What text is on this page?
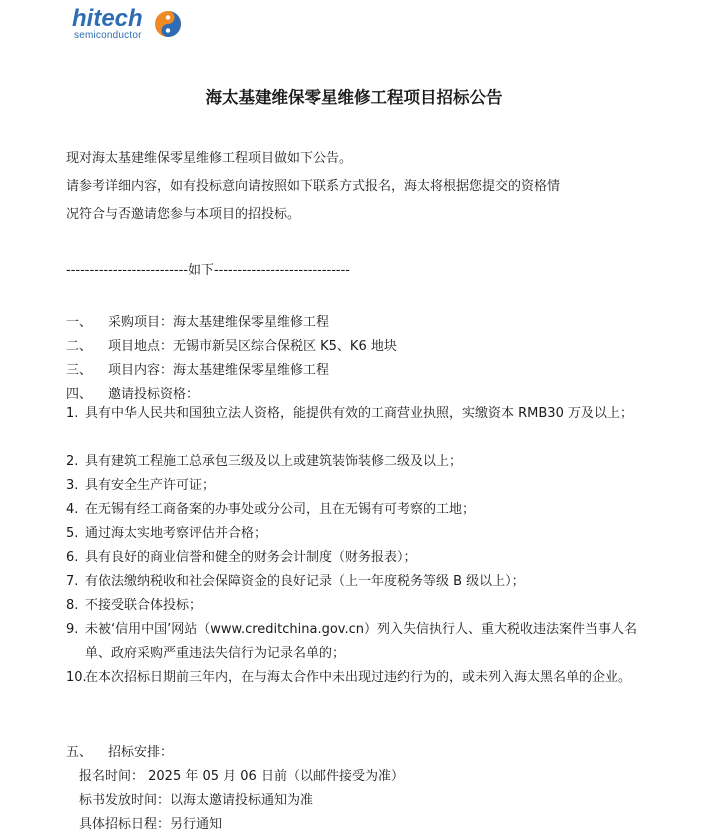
hitech
semiconductor
海太基建维保零星维修工程项目招标公告
现对海太基建维保零星维修工程项目做如下公告。
请参考详细内容，如有投标意向请按照如下联系方式报名，海太将根据您提交的资格情
况符合与否邀请您参与本项目的招投标。
--------------------------如下-----------------------------
一、 采购项目：海太基建维保零星维修工程
二、 项目地点：无锡市新吴区综合保税区 K5、K6 地块
三、 项目内容：海太基建维保零星维修工程
四、 邀请投标资格：
1. 具有中华人民共和国独立法人资格，能提供有效的工商营业执照，实缴资本 RMB30 万及以上；
2. 具有建筑工程施工总承包三级及以上或建筑装饰装修二级及以上；
3. 具有安全生产许可证；
4. 在无锡有经工商备案的办事处或分公司，且在无锡有可考察的工地；
5. 通过海太实地考察评估并合格；
6. 具有良好的商业信誉和健全的财务会计制度（财务报表）；
7. 有依法缴纳税收和社会保障资金的良好记录（上一年度税务等级 B 级以上）；
8. 不接受联合体投标；
9. 未被‘信用中国’网站（www.creditchina.gov.cn）列入失信执行人、重大税收违法案件当事人名单、政府采购严重违法失信行为记录名单的；
10.
在本次招标日期前三年内，在与海太合作中未出现过违约行为的，或未列入海太黑名单的企业。
五、 招标安排：
报名时间： 2025 年 05 月 06 日前（以邮件接受为准）
标书发放时间：以海太邀请投标通知为准
具体招标日程：另行通知
